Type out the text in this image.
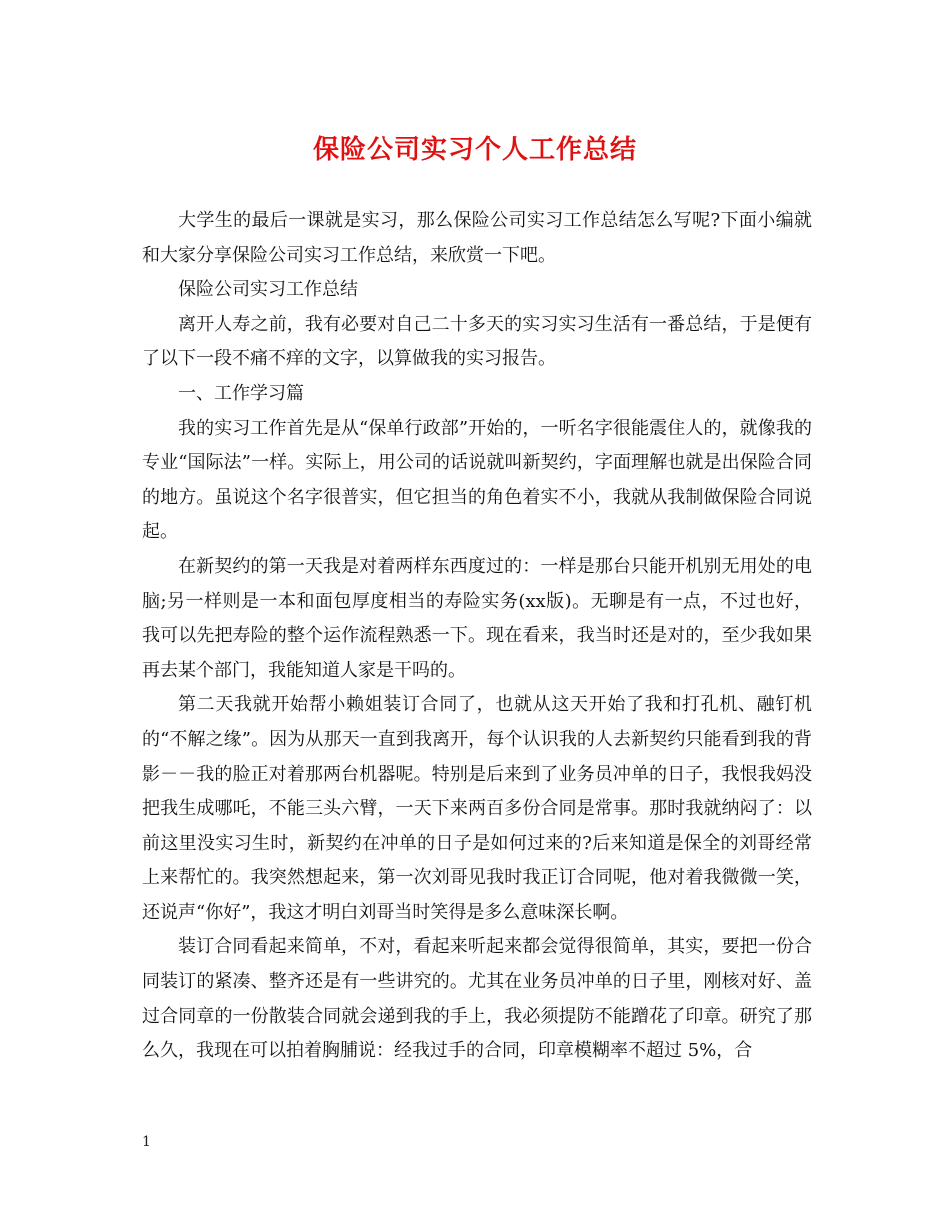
保险公司实习个人工作总结

大学生的最后一课就是实习，那么保险公司实习工作总结怎么写呢?下面小编就和大家分享保险公司实习工作总结，来欣赏一下吧。

保险公司实习工作总结

离开人寿之前，我有必要对自己二十多天的实习实习生活有一番总结，于是便有了以下一段不痛不痒的文字，以算做我的实习报告。

一、工作学习篇

我的实习工作首先是从“保单行政部”开始的，一听名字很能震住人的，就像我的专业“国际法”一样。实际上，用公司的话说就叫新契约，字面理解也就是出保险合同的地方。虽说这个名字很普实，但它担当的角色着实不小，我就从我制做保险合同说起。

在新契约的第一天我是对着两样东西度过的：一样是那台只能开机别无用处的电脑;另一样则是一本和面包厚度相当的寿险实务(xx版)。无聊是有一点，不过也好，我可以先把寿险的整个运作流程熟悉一下。现在看来，我当时还是对的，至少我如果再去某个部门，我能知道人家是干吗的。

第二天我就开始帮小赖姐装订合同了，也就从这天开始了我和打孔机、融钉机的“不解之缘”。因为从那天一直到我离开，每个认识我的人去新契约只能看到我的背影－－我的脸正对着那两台机器呢。特别是后来到了业务员冲单的日子，我恨我妈没把我生成哪吒，不能三头六臂，一天下来两百多份合同是常事。那时我就纳闷了：以前这里没实习生时，新契约在冲单的日子是如何过来的?后来知道是保全的刘哥经常上来帮忙的。我突然想起来，第一次刘哥见我时我正订合同呢，他对着我微微一笑，还说声“你好”，我这才明白刘哥当时笑得是多么意味深长啊。

装订合同看起来简单，不对，看起来听起来都会觉得很简单，其实，要把一份合同装订的紧凑、整齐还是有一些讲究的。尤其在业务员冲单的日子里，刚核对好、盖过合同章的一份散装合同就会递到我的手上，我必须提防不能蹭花了印章。研究了那么久，我现在可以拍着胸脯说：经我过手的合同，印章模糊率不超过 5%，合

1
